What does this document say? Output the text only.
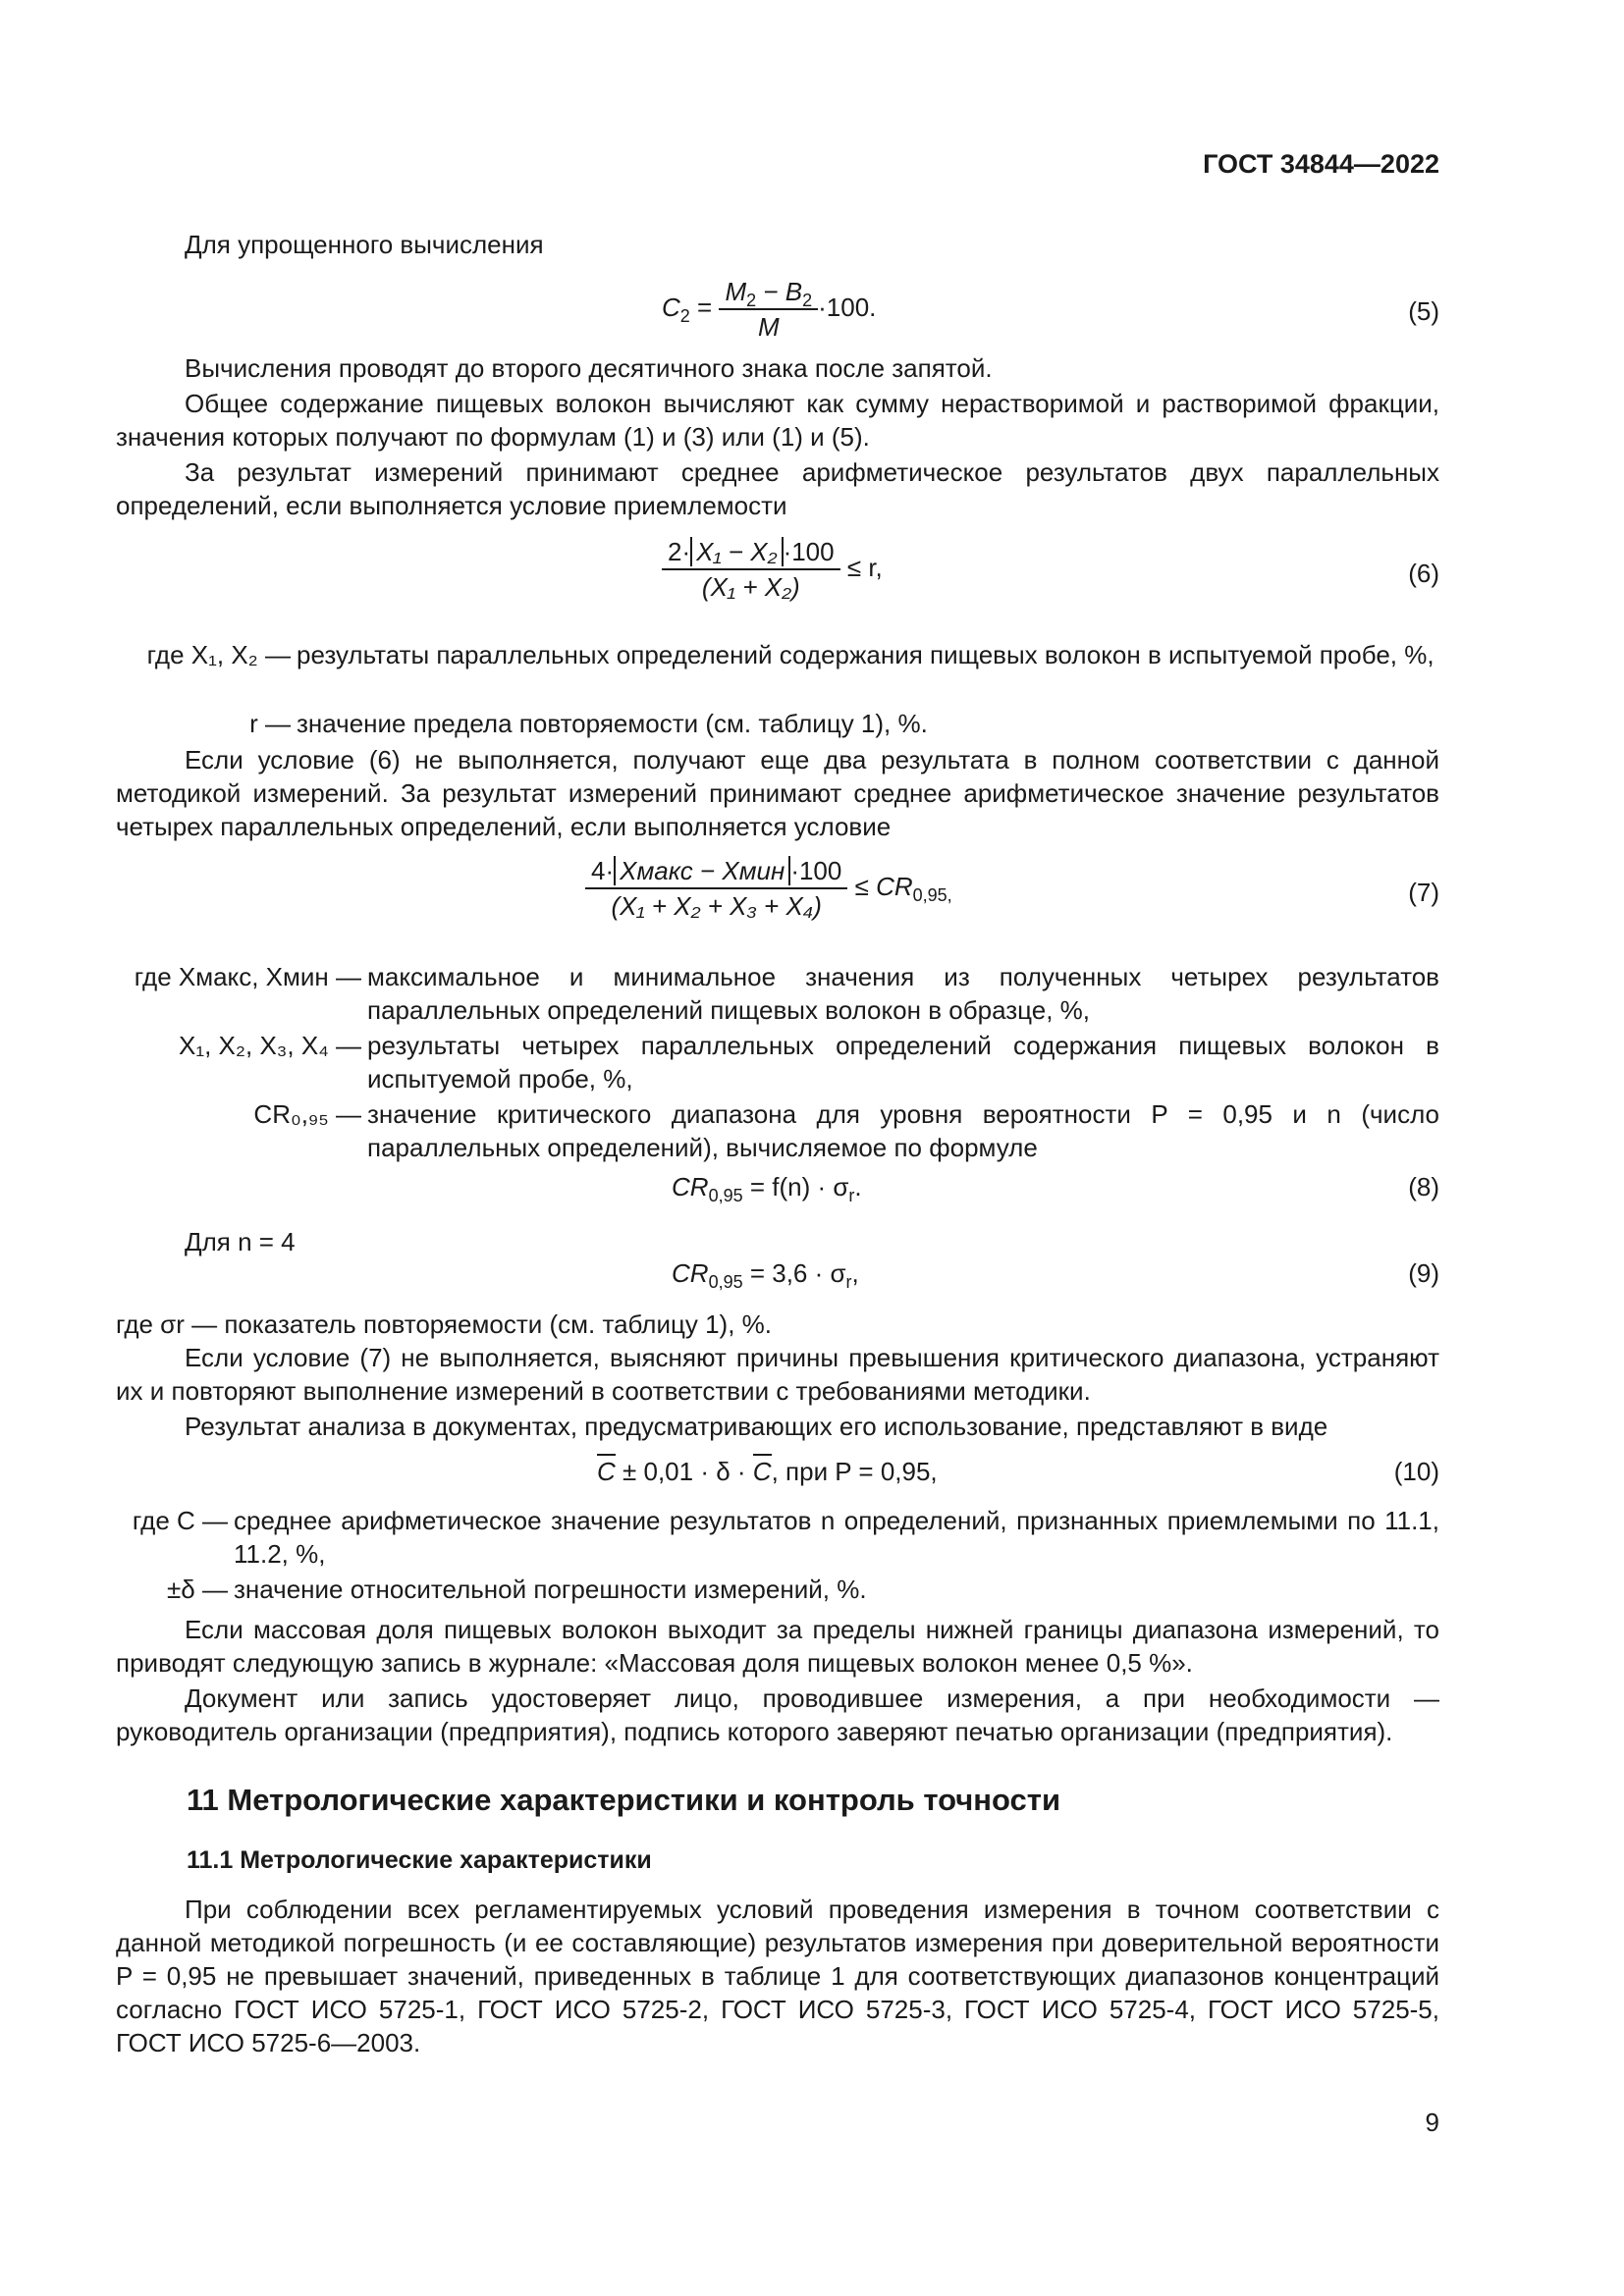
ГОСТ 34844—2022
Для упрощенного вычисления
$C_2 = \frac{M_2 - B_2}{M} \cdot 100$.	(5)
Вычисления проводят до второго десятичного знака после запятой.
Общее содержание пищевых волокон вычисляют как сумму нерастворимой и растворимой фракции, значения которых получают по формулам (1) и (3) или (1) и (5).
За результат измерений принимают среднее арифметическое результатов двух параллельных определений, если выполняется условие приемлемости
$\frac{\text{2· X₁ − X₂ ·100}}{\text{(X₁ + X₂)}} \le r$,	(6)
где X₁, X₂ — результаты параллельных определений содержания пищевых волокон в испытуемой пробе, %,
r — значение предела повторяемости (см. таблицу 1), %.
Если условие (6) не выполняется, получают еще два результата в полном соответствии с данной методикой измерений. За результат измерений принимают среднее арифметическое значение результатов четырех параллельных определений, если выполняется условие
$\frac{\text{4· Xмакс − Xмин ·100}}{\text{(X₁ + X₂ + X₃ + X₄)}} \le CR_{0,95,}$	(7)
где Xмакс, Xмин — максимальное и минимальное значения из полученных четырех результатов параллельных определений пищевых волокон в образце, %,
X₁, X₂, X₃, X₄ — результаты четырех параллельных определений содержания пищевых волокон в испытуемой пробе, %,
CR₀,₉₅ — значение критического диапазона для уровня вероятности P = 0,95 и n (число параллельных определений), вычисляемое по формуле
$CR_{0,95} = f(n) \cdot \sigma_r$.	(8)
Для n = 4
$CR_{0,95} = 3,6 \cdot \sigma_r$,	(9)
где σr — показатель повторяемости (см. таблицу 1), %.
Если условие (7) не выполняется, выясняют причины превышения критического диапазона, устраняют их и повторяют выполнение измерений в соответствии с требованиями методики.
Результат анализа в документах, предусматривающих его использование, представляют в виде
C ± 0,01 · δ · C, при P = 0,95,	(10)
где C — среднее арифметическое значение результатов n определений, признанных приемлемыми по 11.1, 11.2, %,
±δ — значение относительной погрешности измерений, %.
Если массовая доля пищевых волокон выходит за пределы нижней границы диапазона измерений, то приводят следующую запись в журнале: «Массовая доля пищевых волокон менее 0,5 %».
Документ или запись удостоверяет лицо, проводившее измерения, а при необходимости — руководитель организации (предприятия), подпись которого заверяют печатью организации (предприятия).
11 Метрологические характеристики и контроль точности
11.1 Метрологические характеристики
При соблюдении всех регламентируемых условий проведения измерения в точном соответствии с данной методикой погрешность (и ее составляющие) результатов измерения при доверительной вероятности P = 0,95 не превышает значений, приведенных в таблице 1 для соответствующих диапазонов концентраций согласно ГОСТ ИСО 5725-1, ГОСТ ИСО 5725-2, ГОСТ ИСО 5725-3, ГОСТ ИСО 5725-4, ГОСТ ИСО 5725-5, ГОСТ ИСО 5725-6—2003.
9
